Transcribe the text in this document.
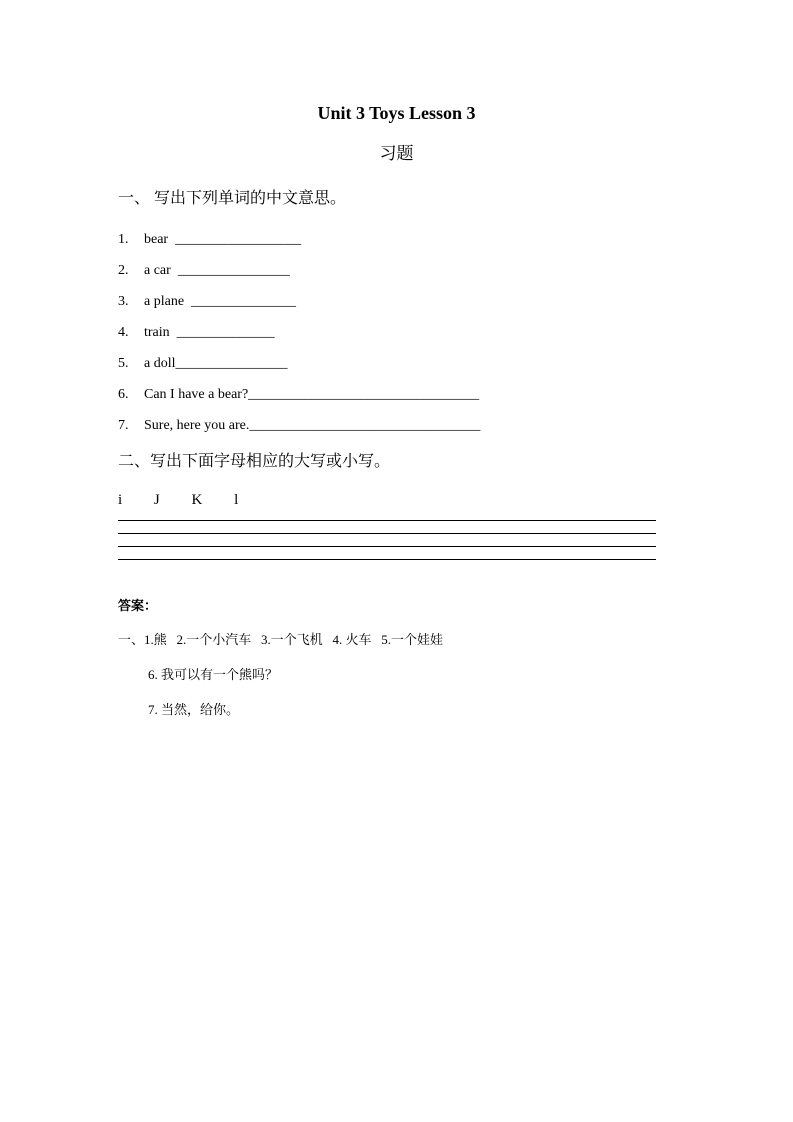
Unit 3 Toys Lesson 3
习题
一、 写出下列单词的中文意思。
1. bear __________________
2. a car ________________
3. a plane _______________
4. train ______________
5. a doll________________
6. Can I have a bear?_________________________________
7. Sure, here you are._________________________________
二、写出下面字母相应的大写或小写。
i J K l
答案：
一、1.熊   2.一个小汽车   3.一个飞机   4. 火车   5.一个娃娃
6. 我可以有一个熊吗？
7. 当然，给你。
